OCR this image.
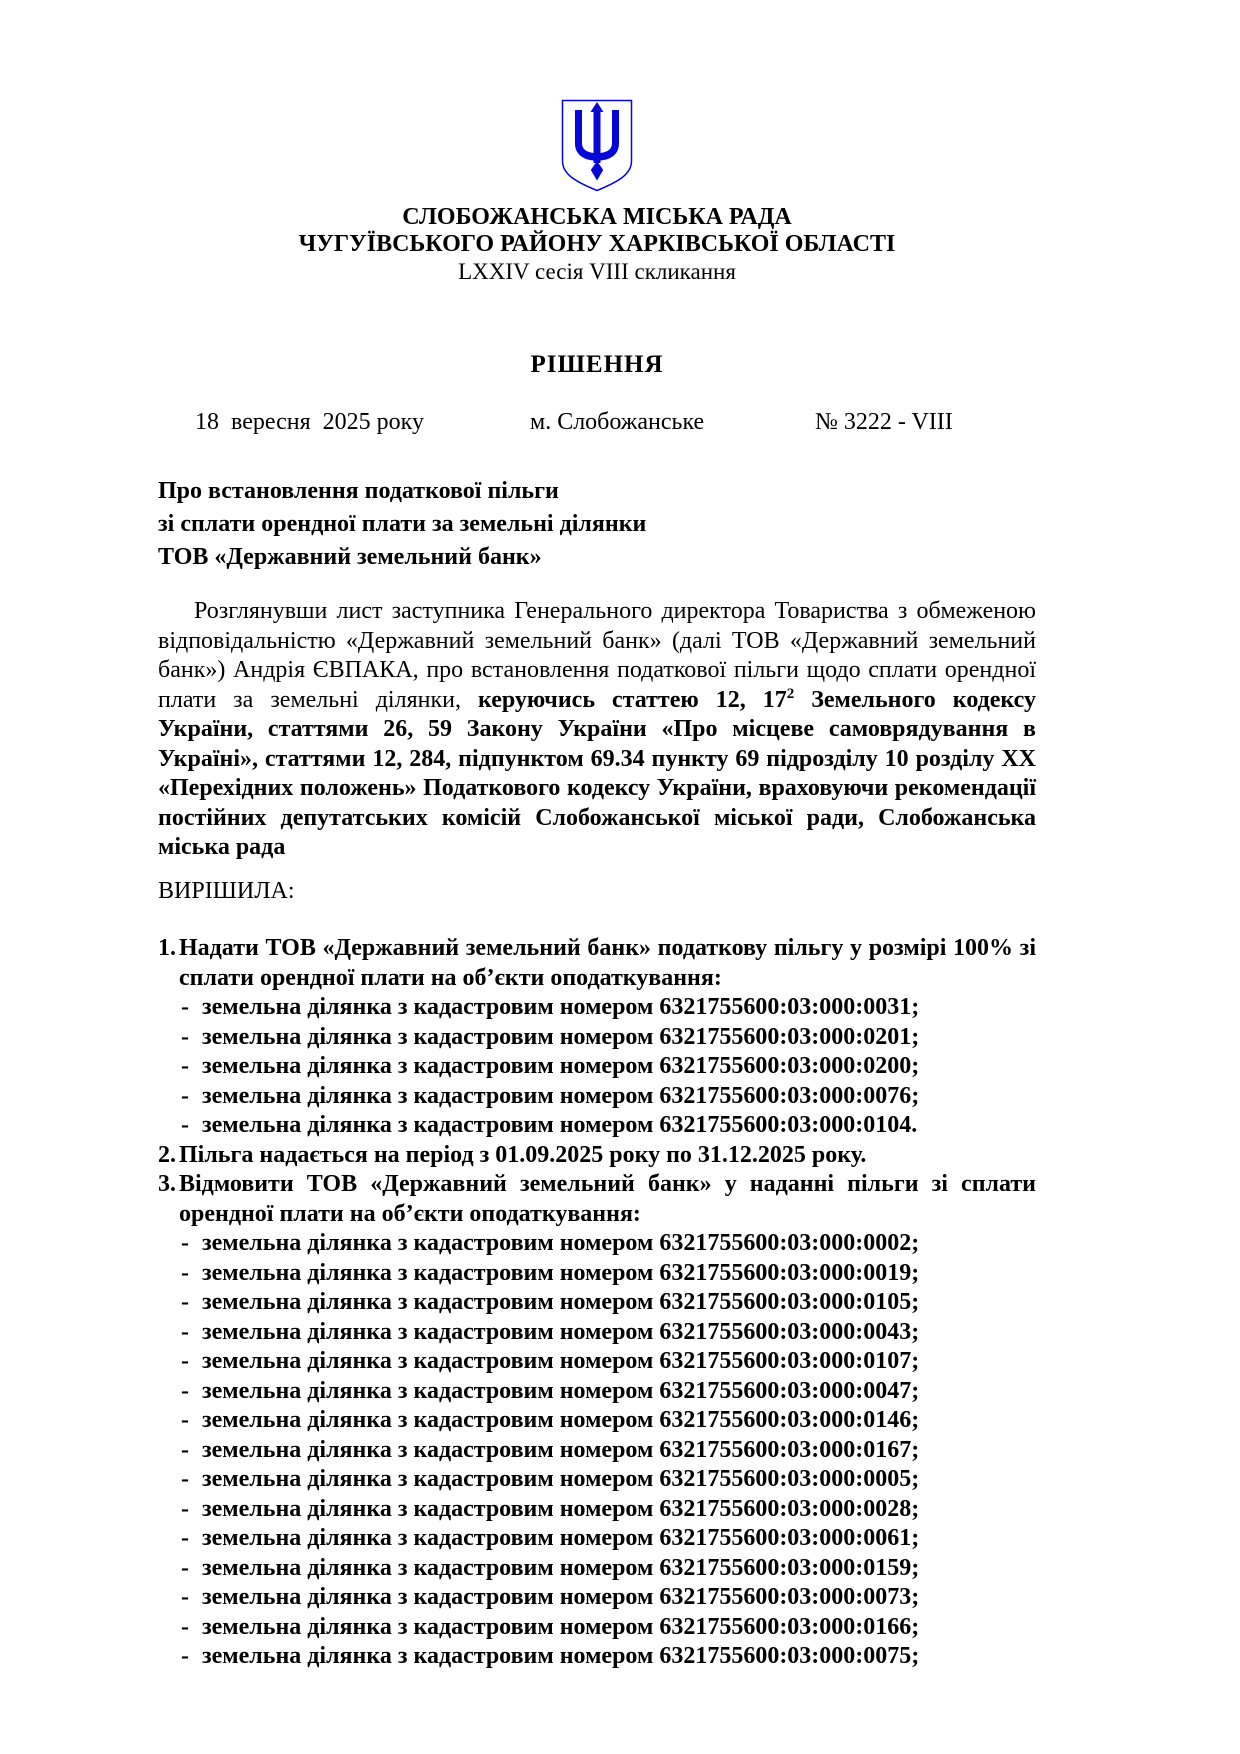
СЛОБОЖАНСЬКА МІСЬКА РАДА
ЧУГУЇВСЬКОГО РАЙОНУ ХАРКІВСЬКОЇ ОБЛАСТІ
LXXIV сесія VIII скликання
РІШЕННЯ
18  вересня  2025 року	м. Слобожанське	№ 3222 - VIII
Про встановлення податкової пільги
зі сплати орендної плати за земельні ділянки
ТОВ «Державний земельний банк»

Розглянувши лист заступника Генерального директора Товариства з обмеженою відповідальністю «Державний земельний банк» (далі ТОВ «Державний земельний банк») Андрія ЄВПАКА, про встановлення податкової пільги щодо сплати орендної плати за земельні ділянки, керуючись статтею 12, $17^2$ Земельного кодексу України, статтями 26, 59 Закону України «Про місцеве самоврядування в Україні», статтями 12, 284, підпунктом 69.34 пункту 69 підрозділу 10 розділу ХХ «Перехідних положень» Податкового кодексу України, враховуючи рекомендації постійних депутатських комісій Слобожанської міської ради, Слобожанська міська рада

ВИРІШИЛА:
1. Надати ТОВ «Державний земельний банк» податкову пільгу у розмірі 100% зі сплати орендної плати на об’єкти оподаткування:
- земельна ділянка з кадастровим номером 6321755600:03:000:0031;
- земельна ділянка з кадастровим номером 6321755600:03:000:0201;
- земельна ділянка з кадастровим номером 6321755600:03:000:0200;
- земельна ділянка з кадастровим номером 6321755600:03:000:0076;
- земельна ділянка з кадастровим номером 6321755600:03:000:0104.
2. Пільга надається на період з 01.09.2025 року по 31.12.2025 року.
3. Відмовити ТОВ «Державний земельний банк» у наданні пільги зі сплати орендної плати на об’єкти оподаткування:
- земельна ділянка з кадастровим номером 6321755600:03:000:0002;
- земельна ділянка з кадастровим номером 6321755600:03:000:0019;
- земельна ділянка з кадастровим номером 6321755600:03:000:0105;
- земельна ділянка з кадастровим номером 6321755600:03:000:0043;
- земельна ділянка з кадастровим номером 6321755600:03:000:0107;
- земельна ділянка з кадастровим номером 6321755600:03:000:0047;
- земельна ділянка з кадастровим номером 6321755600:03:000:0146;
- земельна ділянка з кадастровим номером 6321755600:03:000:0167;
- земельна ділянка з кадастровим номером 6321755600:03:000:0005;
- земельна ділянка з кадастровим номером 6321755600:03:000:0028;
- земельна ділянка з кадастровим номером 6321755600:03:000:0061;
- земельна ділянка з кадастровим номером 6321755600:03:000:0159;
- земельна ділянка з кадастровим номером 6321755600:03:000:0073;
- земельна ділянка з кадастровим номером 6321755600:03:000:0166;
- земельна ділянка з кадастровим номером 6321755600:03:000:0075;
